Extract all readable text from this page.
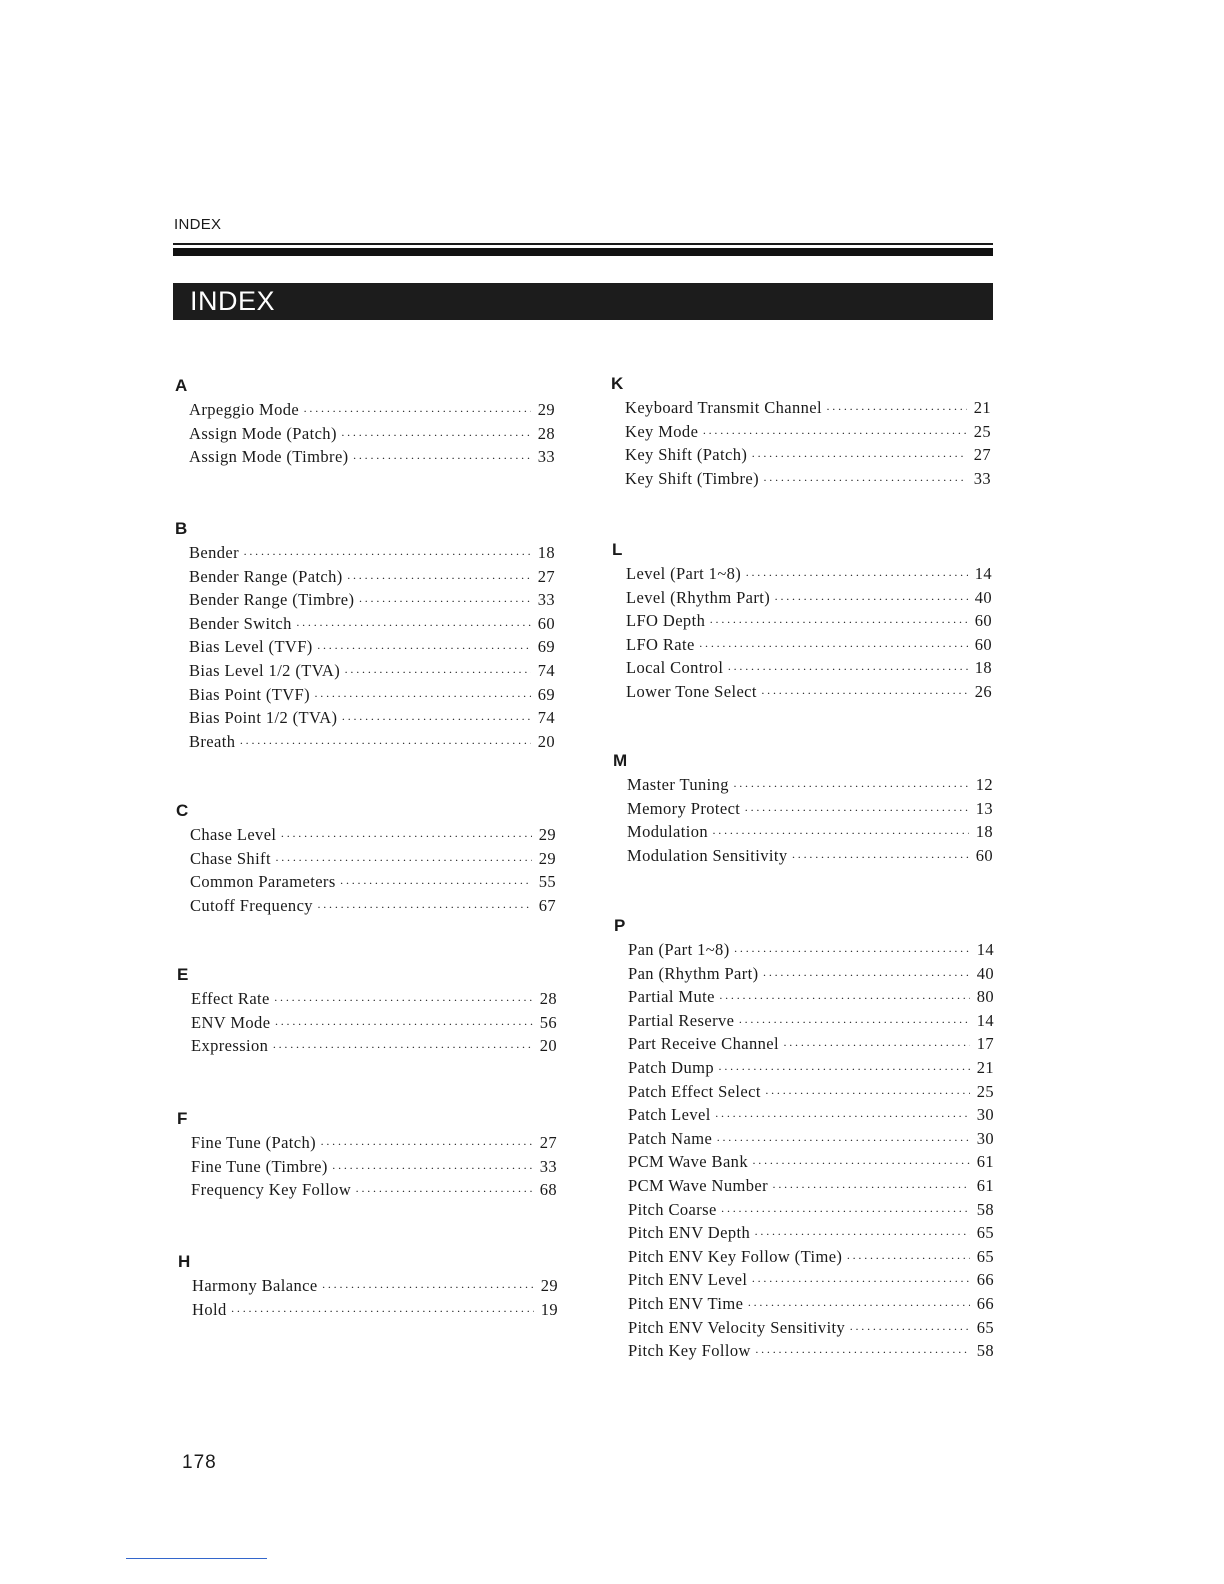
INDEX
INDEX
A
Arpeggio Mode ·····	29
Assign Mode (Patch) ·····	28
Assign Mode (Timbre) ·····	33
B
Bender ·····	18
Bender Range (Patch) ·····	27
Bender Range (Timbre) ·····	33
Bender Switch ·····	60
Bias Level (TVF) ·····	69
Bias Level 1/2 (TVA) ·····	74
Bias Point (TVF) ·····	69
Bias Point 1/2 (TVA) ·····	74
Breath ·····	20
C
Chase Level ·····	29
Chase Shift ·····	29
Common Parameters ·····	55
Cutoff Frequency ·····	67
E
Effect Rate ·····	28
ENV Mode ·····	56
Expression ·····	20
F
Fine Tune (Patch) ·····	27
Fine Tune (Timbre) ·····	33
Frequency Key Follow ·····	68
H
Harmony Balance ·····	29
Hold ·····	19
K
Keyboard Transmit Channel ·····	21
Key Mode ·····	25
Key Shift (Patch) ·····	27
Key Shift (Timbre) ·····	33
L
Level (Part 1~8) ·····	14
Level (Rhythm Part) ·····	40
LFO Depth ·····	60
LFO Rate ·····	60
Local Control ·····	18
Lower Tone Select ·····	26
M
Master Tuning ·····	12
Memory Protect ·····	13
Modulation ·····	18
Modulation Sensitivity ·····	60
P
Pan (Part 1~8) ·····	14
Pan (Rhythm Part) ·····	40
Partial Mute ·····	80
Partial Reserve ·····	14
Part Receive Channel ·····	17
Patch Dump ·····	21
Patch Effect Select ·····	25
Patch Level ·····	30
Patch Name ·····	30
PCM Wave Bank ·····	61
PCM Wave Number ·····	61
Pitch Coarse ·····	58
Pitch ENV Depth ·····	65
Pitch ENV Key Follow (Time) ·····	65
Pitch ENV Level ·····	66
Pitch ENV Time ·····	66
Pitch ENV Velocity Sensitivity ·····	65
Pitch Key Follow ·····	58
178
